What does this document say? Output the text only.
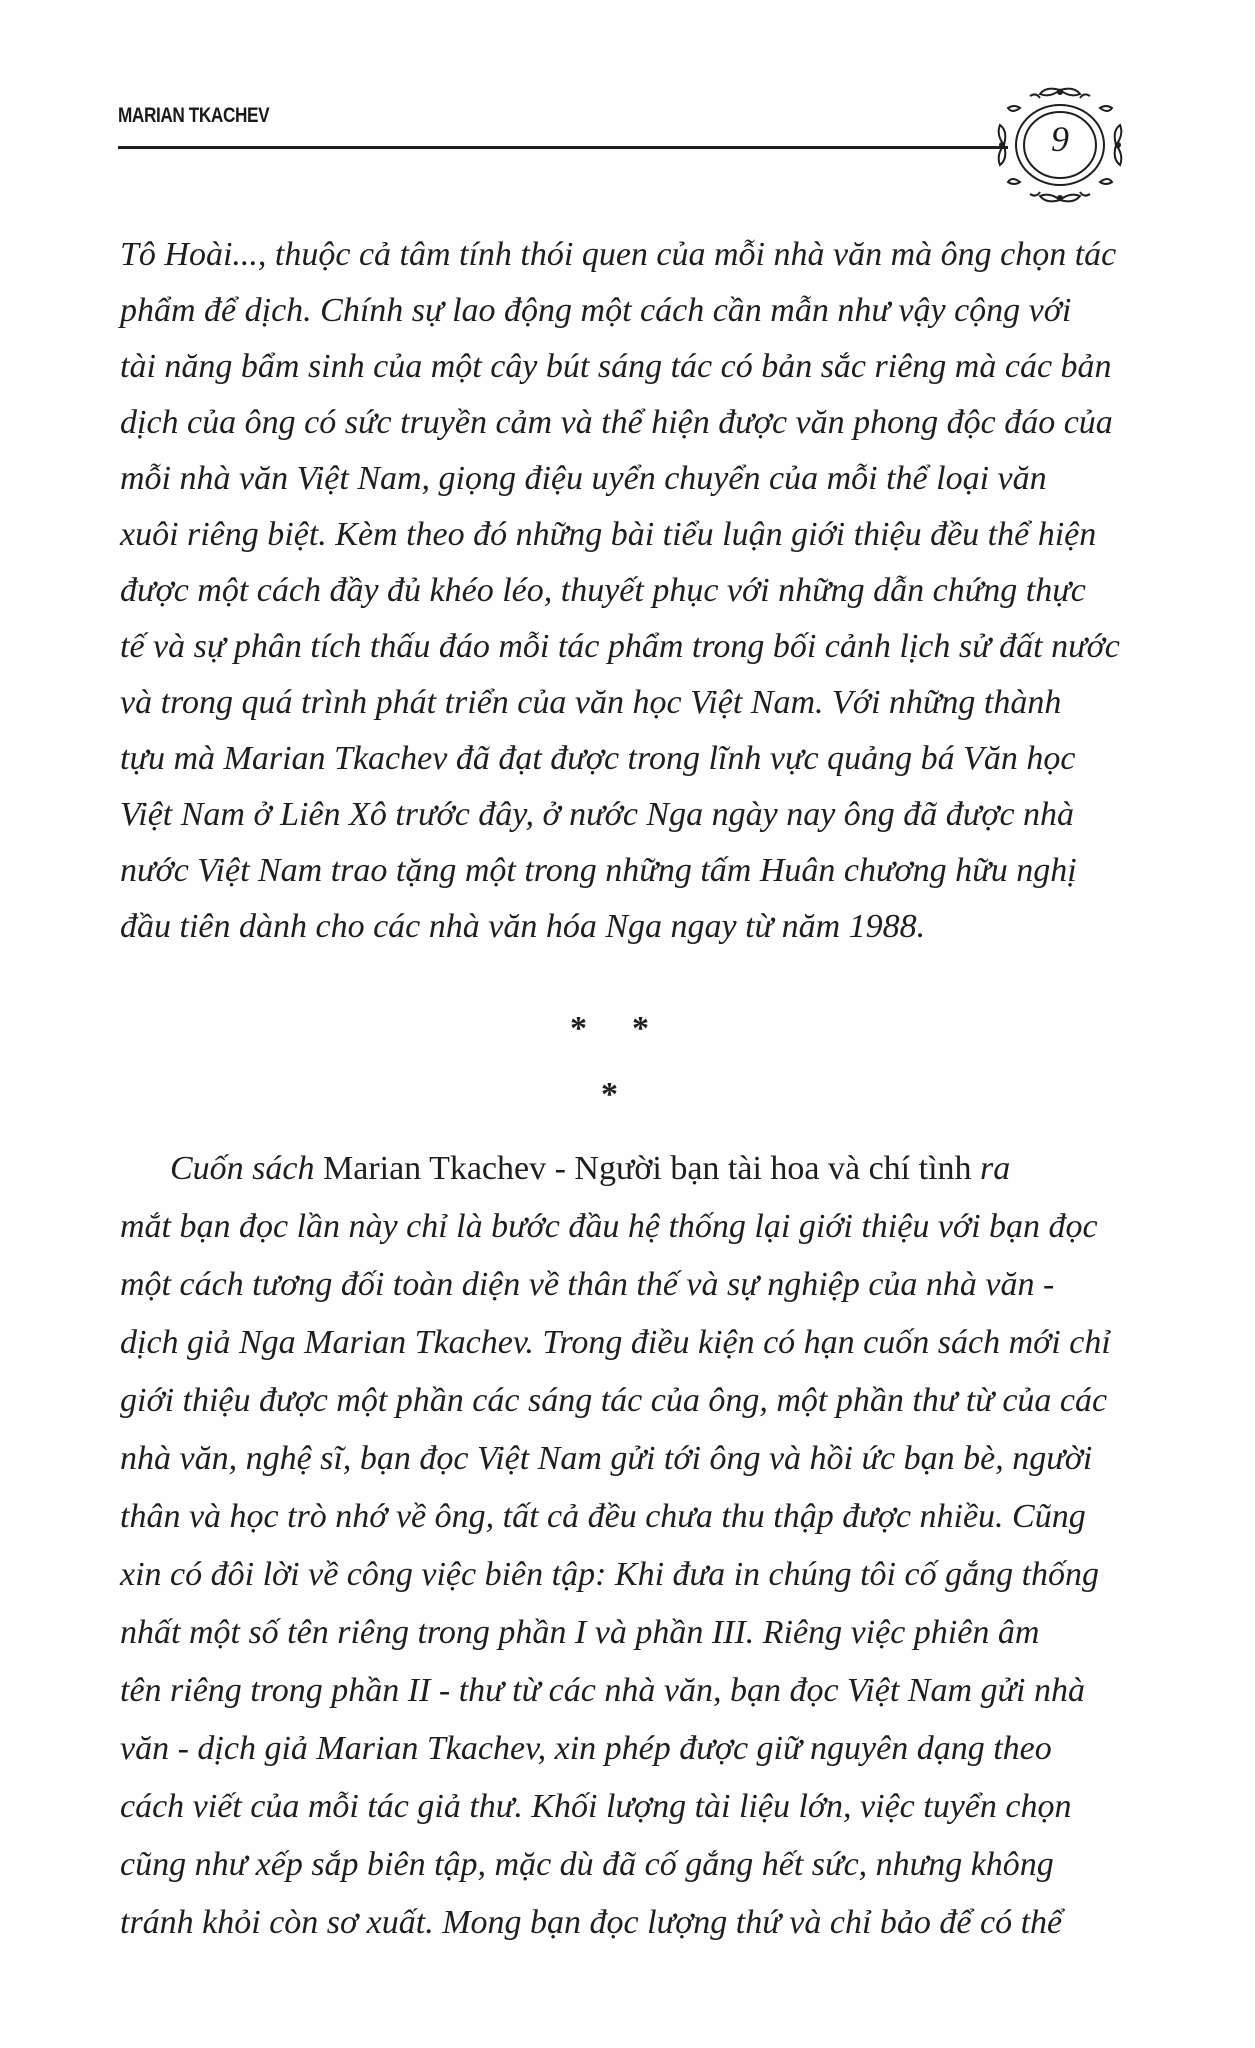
MARIAN TKACHEV
9
Tô Hoài..., thuộc cả tâm tính thói quen của mỗi nhà văn mà ông chọn tác
phẩm để dịch. Chính sự lao động một cách cần mẫn như vậy cộng với
tài năng bẩm sinh của một cây bút sáng tác có bản sắc riêng mà các bản
dịch của ông có sức truyền cảm và thể hiện được văn phong độc đáo của
mỗi nhà văn Việt Nam, giọng điệu uyển chuyển của mỗi thể loại văn
xuôi riêng biệt. Kèm theo đó những bài tiểu luận giới thiệu đều thể hiện
được một cách đầy đủ khéo léo, thuyết phục với những dẫn chứng thực
tế và sự phân tích thấu đáo mỗi tác phẩm trong bối cảnh lịch sử đất nước
và trong quá trình phát triển của văn học Việt Nam. Với những thành
tựu mà Marian Tkachev đã đạt được trong lĩnh vực quảng bá Văn học
Việt Nam ở Liên Xô trước đây, ở nước Nga ngày nay ông đã được nhà
nước Việt Nam trao tặng một trong những tấm Huân chương hữu nghị
đầu tiên dành cho các nhà văn hóa Nga ngay từ năm 1988.
* *
*
Cuốn sách Marian Tkachev - Người bạn tài hoa và chí tình ra
mắt bạn đọc lần này chỉ là bước đầu hệ thống lại giới thiệu với bạn đọc
một cách tương đối toàn diện về thân thế và sự nghiệp của nhà văn -
dịch giả Nga Marian Tkachev. Trong điều kiện có hạn cuốn sách mới chỉ
giới thiệu được một phần các sáng tác của ông, một phần thư từ của các
nhà văn, nghệ sĩ, bạn đọc Việt Nam gửi tới ông và hồi ức bạn bè, người
thân và học trò nhớ về ông, tất cả đều chưa thu thập được nhiều. Cũng
xin có đôi lời về công việc biên tập: Khi đưa in chúng tôi cố gắng thống
nhất một số tên riêng trong phần I và phần III. Riêng việc phiên âm
tên riêng trong phần II - thư từ các nhà văn, bạn đọc Việt Nam gửi nhà
văn - dịch giả Marian Tkachev, xin phép được giữ nguyên dạng theo
cách viết của mỗi tác giả thư. Khối lượng tài liệu lớn, việc tuyển chọn
cũng như xếp sắp biên tập, mặc dù đã cố gắng hết sức, nhưng không
tránh khỏi còn sơ xuất. Mong bạn đọc lượng thứ và chỉ bảo để có thể
